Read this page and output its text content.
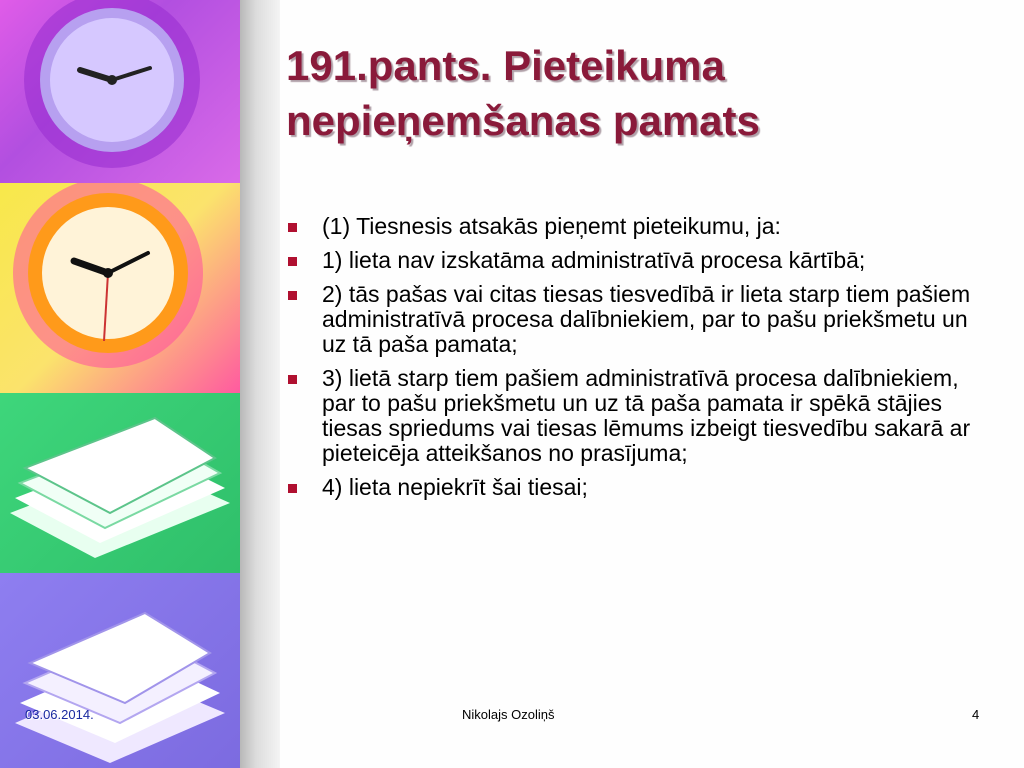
191.pants. Pieteikuma nepieņemšanas pamats
(1) Tiesnesis atsakās pieņemt pieteikumu, ja:
1) lieta nav izskatāma administratīvā procesa kārtībā;
2) tās pašas vai citas tiesas tiesvedībā ir lieta starp tiem pašiem administratīvā procesa dalībniekiem, par to pašu priekšmetu un uz tā paša pamata;
3) lietā starp tiem pašiem administratīvā procesa dalībniekiem, par to pašu priekšmetu un uz tā paša pamata ir spēkā stājies tiesas spriedums vai tiesas lēmums izbeigt tiesvedību sakarā ar pieteicēja atteikšanos no prasījuma;
4) lieta nepiekrīt šai tiesai;
03.06.2014.	Nikolajs Ozoliņš	4
